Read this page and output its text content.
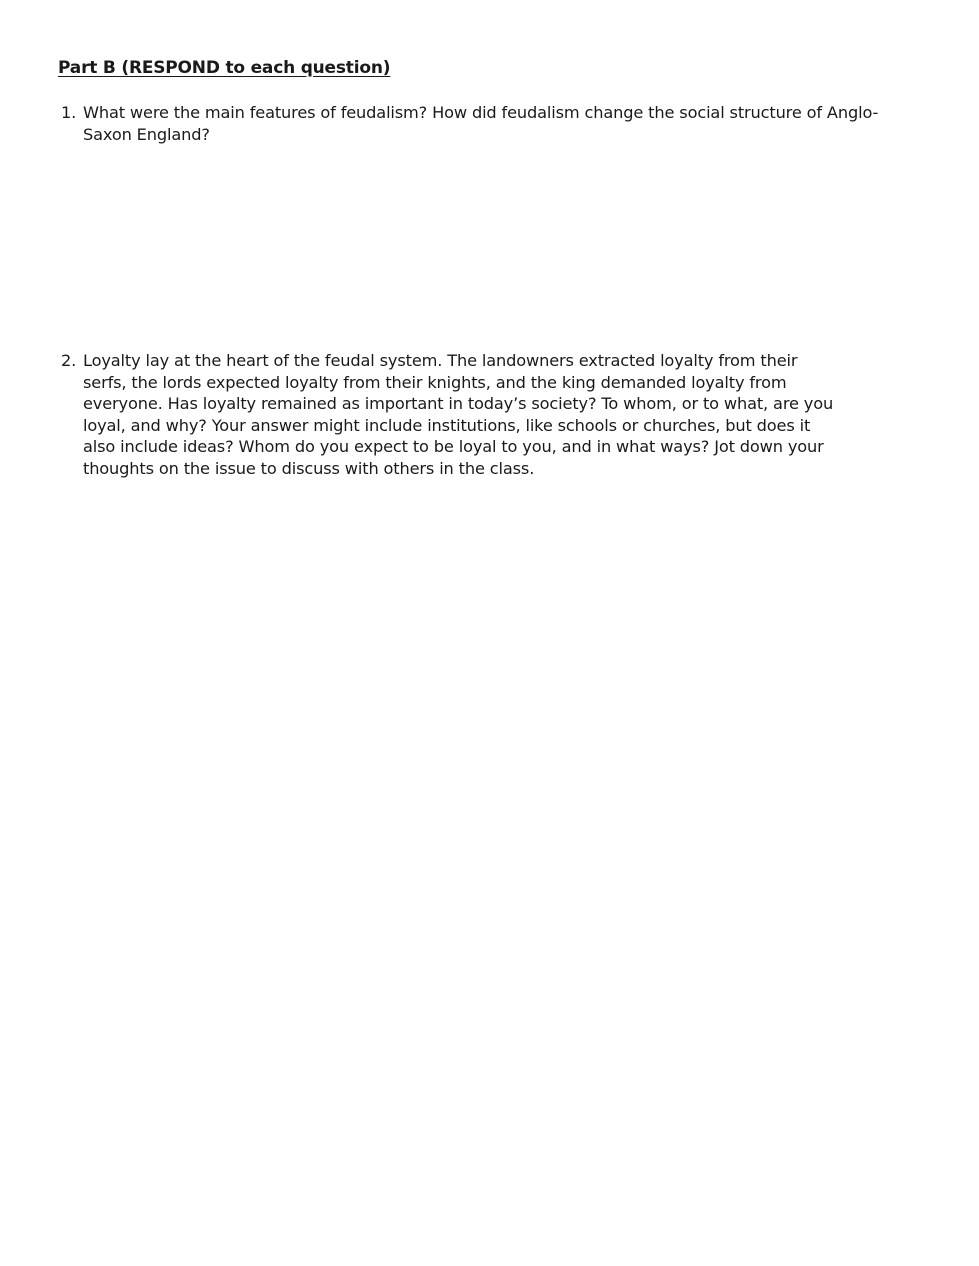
Part B (RESPOND to each question)
1. What were the main features of feudalism? How did feudalism change the social structure of Anglo-Saxon England?

2. Loyalty lay at the heart of the feudal system. The landowners extracted loyalty from their serfs, the lords expected loyalty from their knights, and the king demanded loyalty from everyone. Has loyalty remained as important in today’s society? To whom, or to what, are you loyal, and why? Your answer might include institutions, like schools or churches, but does it also include ideas? Whom do you expect to be loyal to you, and in what ways? Jot down your thoughts on the issue to discuss with others in the class.
